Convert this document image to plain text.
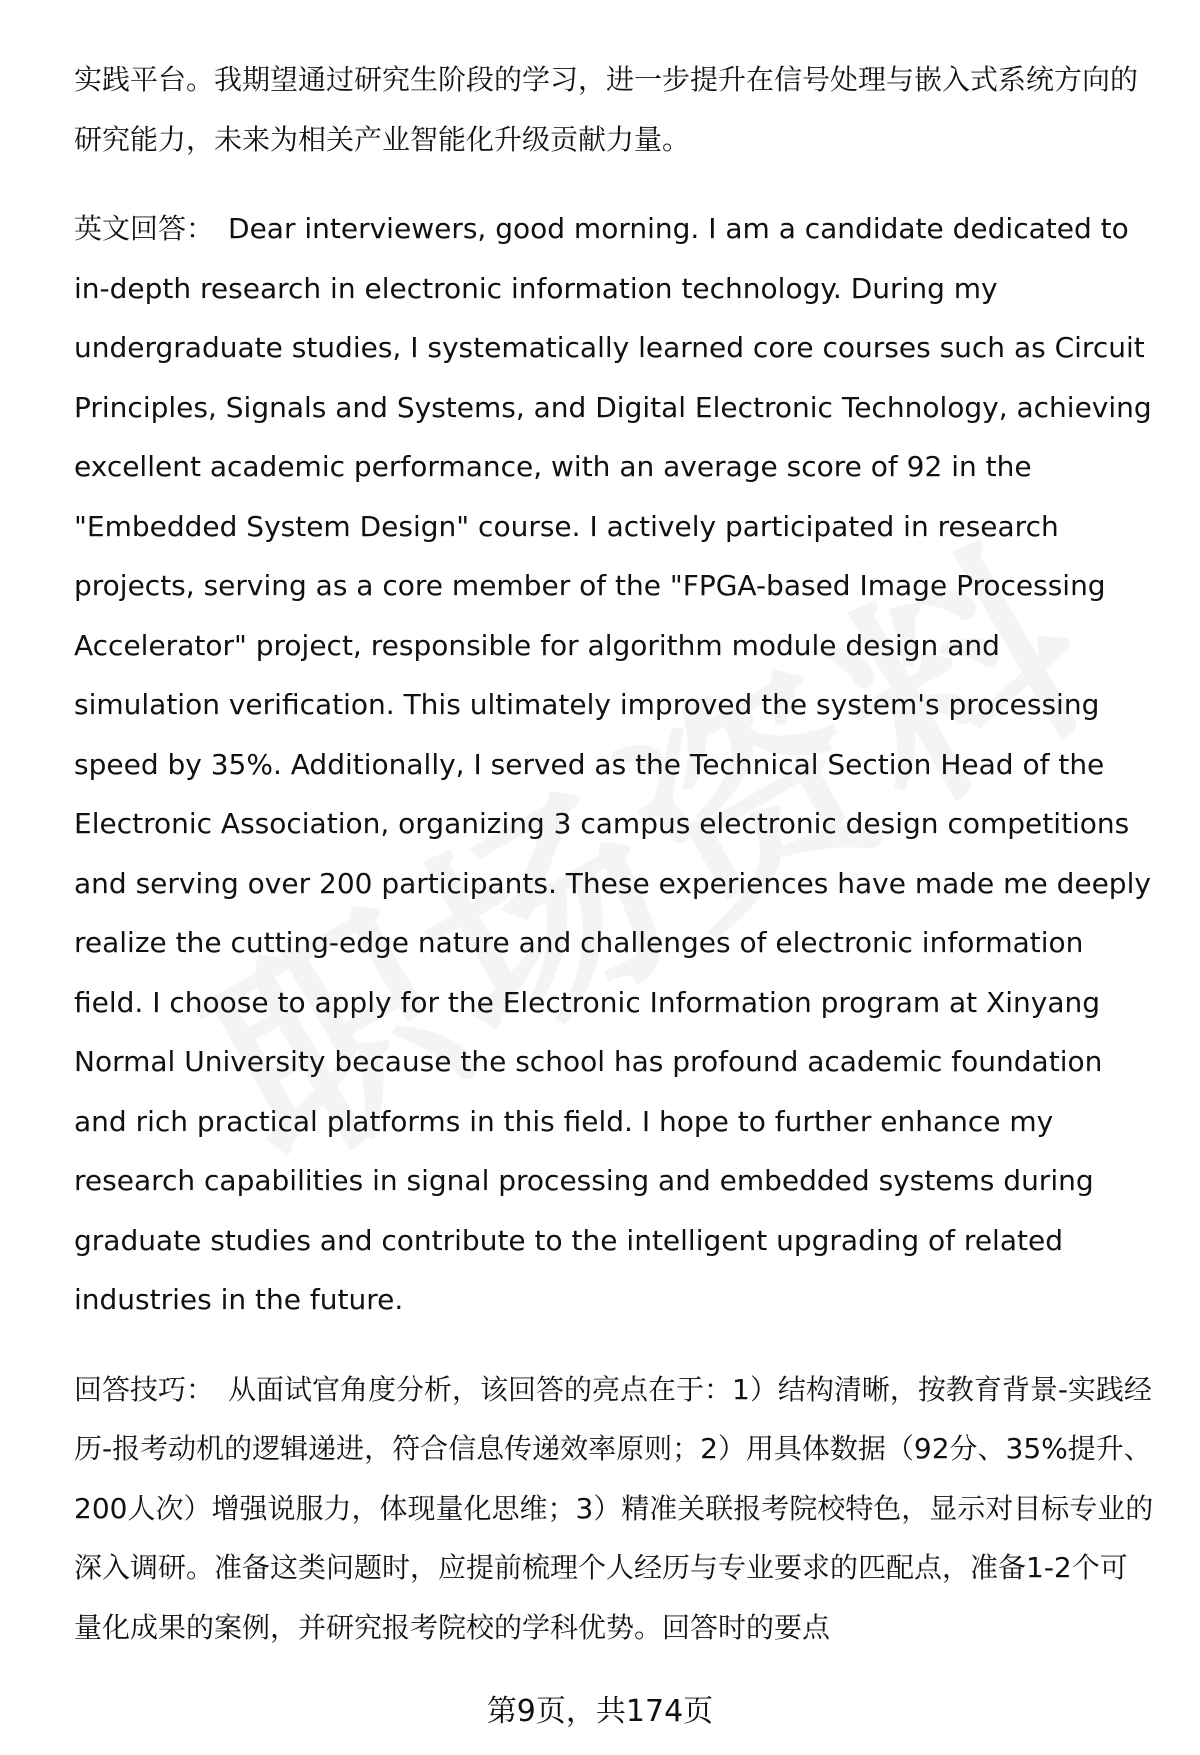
实践平台。我期望通过研究生阶段的学习，进一步提升在信号处理与嵌入式系统方向的研究能力，未来为相关产业智能化升级贡献力量。

英文回答： Dear interviewers, good morning. I am a candidate dedicated to in-depth research in electronic information technology. During my undergraduate studies, I systematically learned core courses such as Circuit Principles, Signals and Systems, and Digital Electronic Technology, achieving excellent academic performance, with an average score of 92 in the "Embedded System Design" course. I actively participated in research projects, serving as a core member of the "FPGA-based Image Processing Accelerator" project, responsible for algorithm module design and simulation verification. This ultimately improved the system's processing speed by 35%. Additionally, I served as the Technical Section Head of the Electronic Association, organizing 3 campus electronic design competitions and serving over 200 participants. These experiences have made me deeply realize the cutting-edge nature and challenges of electronic information field. I choose to apply for the Electronic Information program at Xinyang Normal University because the school has profound academic foundation and rich practical platforms in this field. I hope to further enhance my research capabilities in signal processing and embedded systems during graduate studies and contribute to the intelligent upgrading of related industries in the future.

回答技巧： 从面试官角度分析，该回答的亮点在于：1）结构清晰，按教育背景-实践经历-报考动机的逻辑递进，符合信息传递效率原则；2）用具体数据（92分、35%提升、200人次）增强说服力，体现量化思维；3）精准关联报考院校特色，显示对目标专业的深入调研。准备这类问题时，应提前梳理个人经历与专业要求的匹配点，准备1-2个可量化成果的案例，并研究报考院校的学科优势。回答时的要点

第9页，共174页
